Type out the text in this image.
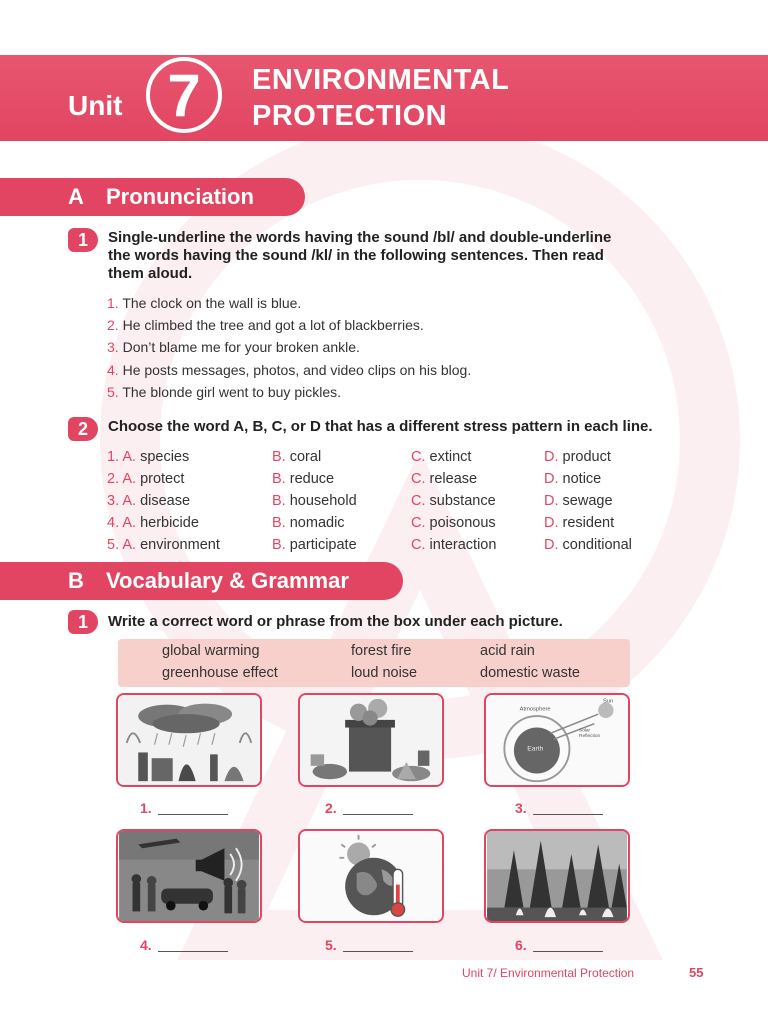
Unit 7	ENVIRONMENTAL
PROTECTION
A	Pronunciation
1	Single-underline the words having the sound /bl/ and double-underline
the words having the sound /kl/ in the following sentences. Then read
them aloud.
1. The clock on the wall is blue.
2. He climbed the tree and got a lot of blackberries.
3. Don’t blame me for your broken ankle.
4. He posts messages, photos, and video clips on his blog.
5. The blonde girl went to buy pickles.
2	Choose the word A, B, C, or D that has a different stress pattern in each line.
1. A. species	B. coral	C. extinct	D. product
2. A. protect	B. reduce	C. release	D. notice
3. A. disease	B. household	C. substance	D. sewage
4. A. herbicide	B. nomadic	C. poisonous	D. resident
5. A. environment	B. participate	C. interaction	D. conditional
B	Vocabulary & Grammar
1	Write a correct word or phrase from the box under each picture.
global warming	forest fire	acid rain
greenhouse effect	loud noise	domestic waste
1.	2.
Atmosphere
Sun
Solar
Reflection
Earth
3.
4.	5.	6.
Unit 7/ Environmental Protection	55
